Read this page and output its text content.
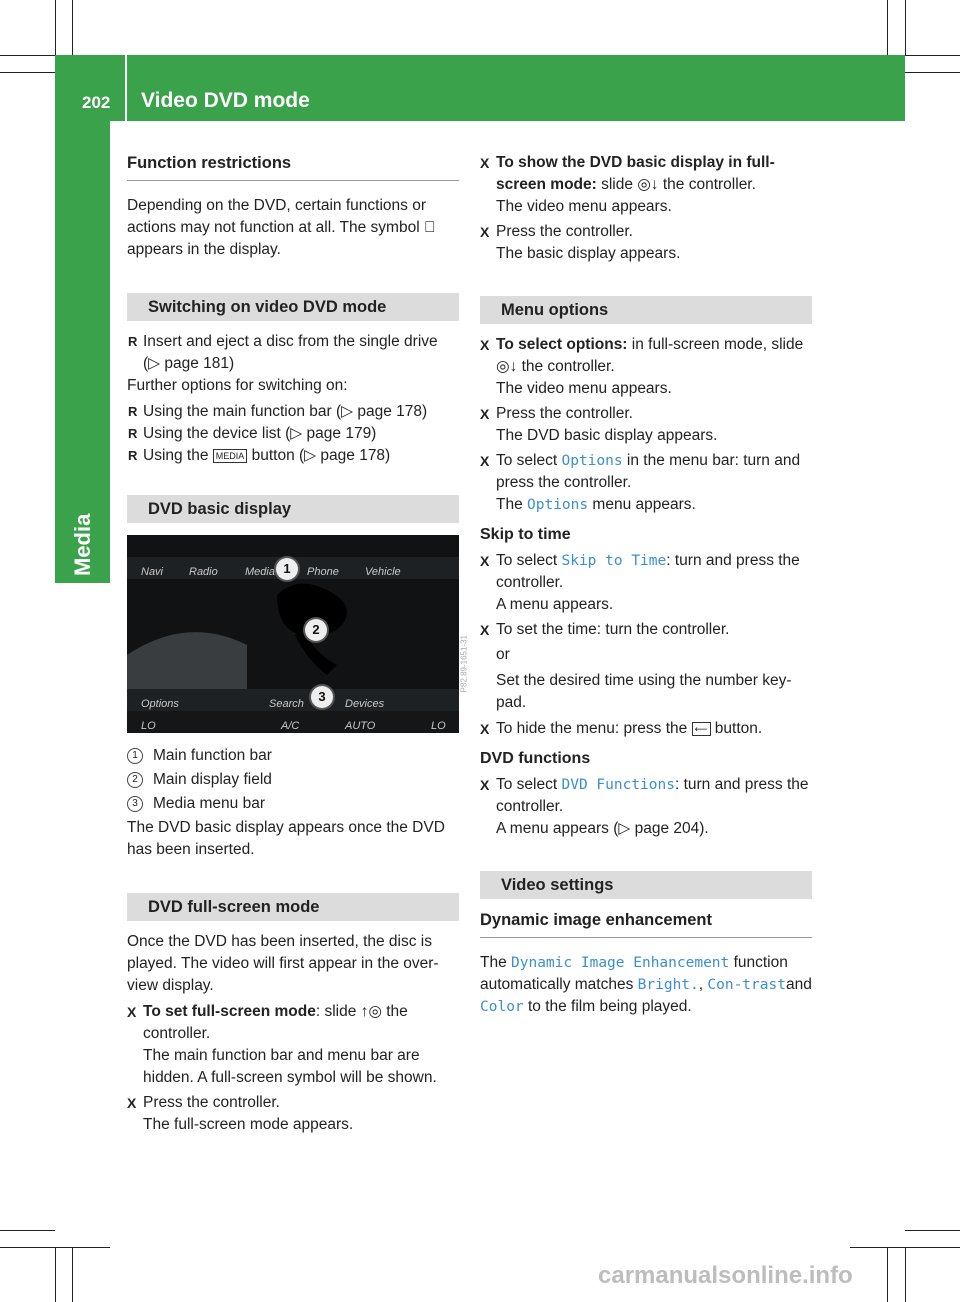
202 Video DVD mode
Media
Function restrictions

Depending on the DVD, certain functions or actions may not function at all. The symbol appears in the display.

Switching on video DVD mode
R Insert and eject a disc from the single drive (▷ page 181)

Further options for switching on:

R Using the main function bar (▷ page 178)
R Using the device list (▷ page 179)
R Using the MEDIA button (▷ page 178)
DVD basic display
Navi Radio Media	Phone Vehicle
Options	Search	Devices
LO	A/C	AUTO	LO
P82.89-1651-31
1
2
3
1 Main function bar
2 Main display field
3 Media menu bar

The DVD basic display appears once the DVD has been inserted.

DVD full-screen mode

Once the DVD has been inserted, the disc is played. The video will first appear in the over-view display.

X To set full-screen mode: slide ↑◎ the controller.
The main function bar and menu bar are hidden. A full-screen symbol will be shown.
X Press the controller.
The full-screen mode appears.
X To show the DVD basic display in full-screen mode: slide ◎↓ the controller.
The video menu appears.
X Press the controller.
The basic display appears.
Menu options
X To select options: in full-screen mode, slide ◎↓ the controller.
The video menu appears.
X Press the controller.
The DVD basic display appears.
X To select Options in the menu bar: turn and press the controller.
The Options menu appears.
Skip to time
X To select Skip to Time: turn and press the controller.
A menu appears.
X To set the time: turn the controller.

or

Set the desired time using the number key-pad.

X To hide the menu: press the ⟵ button.
DVD functions
X To select DVD Functions: turn and press the controller.
A menu appears (▷ page 204).
Video settings
Dynamic image enhancement

The Dynamic Image Enhancement function automatically matches Bright., Con-trastand Color to the film being played.

carmanualsonline.info
